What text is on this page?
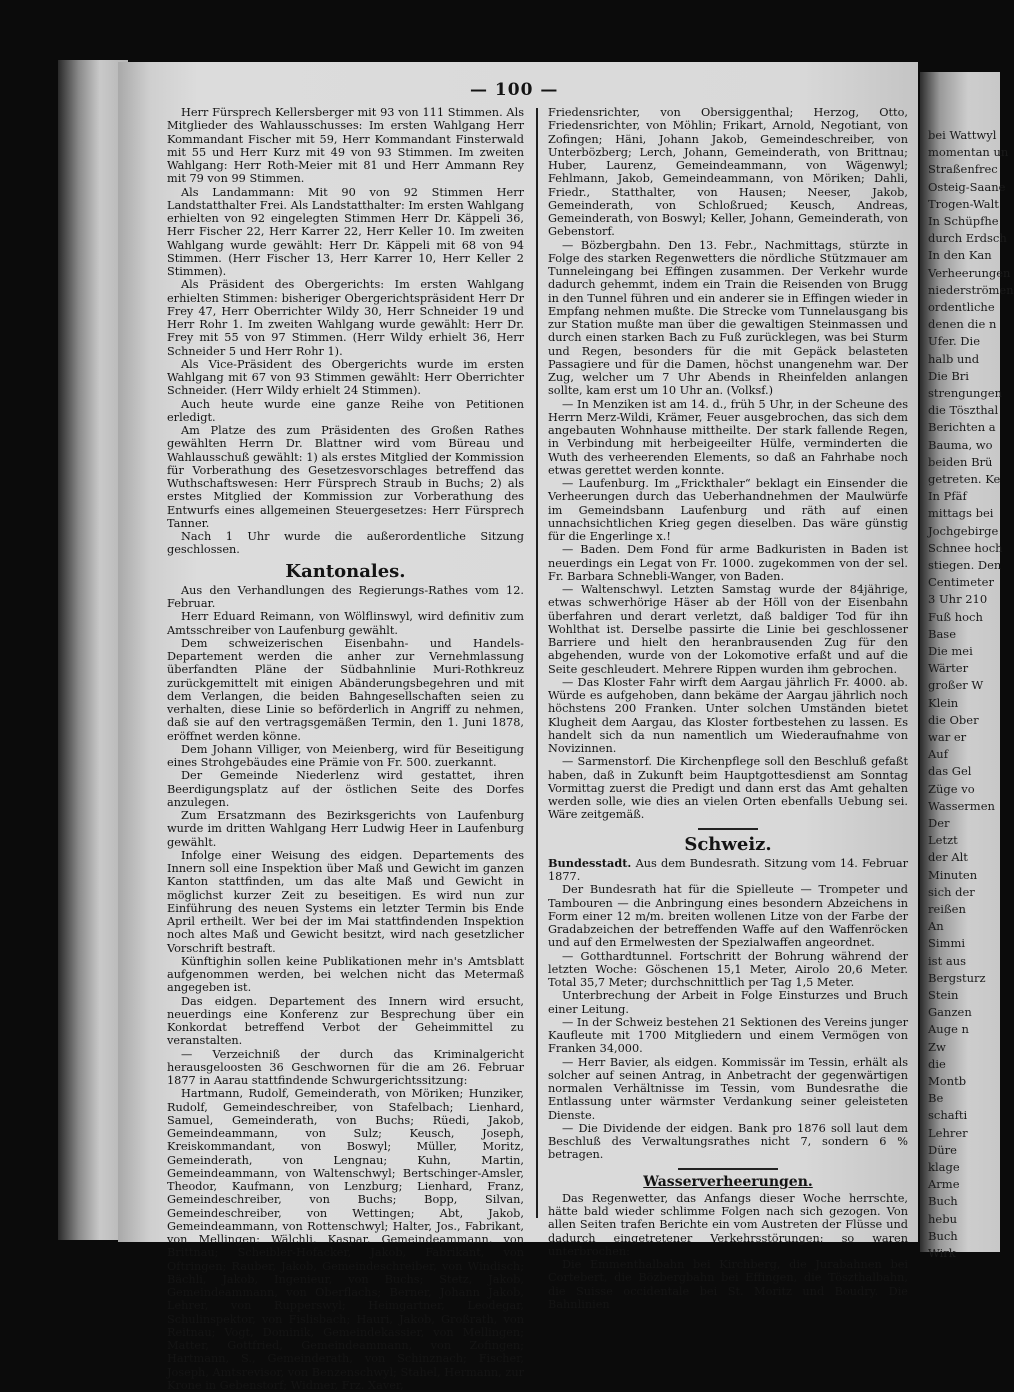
bei Wattwyl
momentan un
Straßenfrec
Osteig-Saane
Trogen-Walt
In Schüpfhe
durch Erdsch
In den Kan
Verheerungen
niederströmen
ordentliche
denen die n
Ufer. Die
halb und
Die Bri
strengungen
die Töszthal
Berichten a
Bauma, wo
beiden Brü
getreten. Ke
In Pfäf
mittags bei
Jochgebirge
Schnee hoch
stiegen. Den
Centimeter
3 Uhr 210
Fuß hoch
Base
Die mei
Wärter
großer W
Klein
die Ober
war er
Auf
das Gel
Züge vo
Wassermen
Der
Letzt
der Alt
Minuten
sich der
reißen
An
Simmi
ist aus
Bergsturz
Stein
Ganzen
Auge n
Zw
die
Montb
Be
schafti
Lehrer
Düre
klage
Arme
Buch
hebu
Buch
Wirk
— 100 —

Herr Fürsprech Kellersberger mit 93 von 111 Stimmen. Als Mitglieder des Wahlausschusses: Im ersten Wahlgang Herr Kommandant Fischer mit 59, Herr Kommandant Finsterwald mit 55 und Herr Kurz mit 49 von 93 Stimmen. Im zweiten Wahlgang: Herr Roth-Meier mit 81 und Herr Ammann Rey mit 79 von 99 Stimmen.

Als Landammann: Mit 90 von 92 Stimmen Herr Landstatthalter Frei. Als Landstatthalter: Im ersten Wahlgang erhielten von 92 eingelegten Stimmen Herr Dr. Käppeli 36, Herr Fischer 22, Herr Karrer 22, Herr Keller 10. Im zweiten Wahlgang wurde gewählt: Herr Dr. Käppeli mit 68 von 94 Stimmen. (Herr Fischer 13, Herr Karrer 10, Herr Keller 2 Stimmen).

Als Präsident des Obergerichts: Im ersten Wahlgang erhielten Stimmen: bisheriger Obergerichtspräsident Herr Dr Frey 47, Herr Oberrichter Wildy 30, Herr Schneider 19 und Herr Rohr 1. Im zweiten Wahlgang wurde gewählt: Herr Dr. Frey mit 55 von 97 Stimmen. (Herr Wildy erhielt 36, Herr Schneider 5 und Herr Rohr 1).

Als Vice-Präsident des Obergerichts wurde im ersten Wahlgang mit 67 von 93 Stimmen gewählt: Herr Oberrichter Schneider. (Herr Wildy erhielt 24 Stimmen).

Auch heute wurde eine ganze Reihe von Petitionen erledigt.

Am Platze des zum Präsidenten des Großen Rathes gewählten Herrn Dr. Blattner wird vom Büreau und Wahlausschuß gewählt: 1) als erstes Mitglied der Kommission für Vorberathung des Gesetzesvorschlages betreffend das Wuthschaftswesen: Herr Fürsprech Straub in Buchs; 2) als erstes Mitglied der Kommission zur Vorberathung des Entwurfs eines allgemeinen Steuergesetzes: Herr Fürsprech Tanner.

Nach 1 Uhr wurde die außerordentliche Sitzung geschlossen.

Kantonales.

Aus den Verhandlungen des Regierungs-Rathes vom 12. Februar.

Herr Eduard Reimann, von Wölflinswyl, wird definitiv zum Amtsschreiber von Laufenburg gewählt.

Dem schweizerischen Eisenbahn- und Handels-Departement werden die anher zur Vernehmlassung überfandten Pläne der Südbahnlinie Muri-Rothkreuz zurückgemittelt mit einigen Abänderungsbegehren und mit dem Verlangen, die beiden Bahngesellschaften seien zu verhalten, diese Linie so beförderlich in Angriff zu nehmen, daß sie auf den vertragsgemäßen Termin, den 1. Juni 1878, eröffnet werden könne.

Dem Johann Villiger, von Meienberg, wird für Beseitigung eines Strohgebäudes eine Prämie von Fr. 500. zuerkannt.

Der Gemeinde Niederlenz wird gestattet, ihren Beerdigungsplatz auf der östlichen Seite des Dorfes anzulegen.

Zum Ersatzmann des Bezirksgerichts von Laufenburg wurde im dritten Wahlgang Herr Ludwig Heer in Laufenburg gewählt.

Infolge einer Weisung des eidgen. Departements des Innern soll eine Inspektion über Maß und Gewicht im ganzen Kanton stattfinden, um das alte Maß und Gewicht in möglichst kurzer Zeit zu beseitigen. Es wird nun zur Einführung des neuen Systems ein letzter Termin bis Ende April ertheilt. Wer bei der im Mai stattfindenden Inspektion noch altes Maß und Gewicht besitzt, wird nach gesetzlicher Vorschrift bestraft.

Künftighin sollen keine Publikationen mehr in's Amtsblatt aufgenommen werden, bei welchen nicht das Metermaß angegeben ist.

Das eidgen. Departement des Innern wird ersucht, neuerdings eine Konferenz zur Besprechung über ein Konkordat betreffend Verbot der Geheimmittel zu veranstalten.

— Verzeichniß der durch das Kriminalgericht herausgeloosten 36 Geschwornen für die am 26. Februar 1877 in Aarau stattfindende Schwurgerichtssitzung:

Hartmann, Rudolf, Gemeinderath, von Möriken; Hunziker, Rudolf, Gemeindeschreiber, von Stafelbach; Lienhard, Samuel, Gemeinderath, von Buchs; Rüedi, Jakob, Gemeindeammann, von Sulz; Keusch, Joseph, Kreiskommandant, von Boswyl; Müller, Moritz, Gemeinderath, von Lengnau; Kuhn, Martin, Gemeindeammann, von Waltenschwyl; Bertschinger-Amsler, Theodor, Kaufmann, von Lenzburg; Lienhard, Franz, Gemeindeschreiber, von Buchs; Bopp, Silvan, Gemeindeschreiber, von Wettingen; Abt, Jakob, Gemeindeammann, von Rottenschwyl; Halter, Jos., Fabrikant, von Mellingen; Wälchli, Kaspar, Gemeindeammann, von Brittnau; Scheibler-Hofacker, Jakob, Fabrikant, von Oftringen; Rauber, Jakob, Gemeindeschreiber, von Windisch; Bächli, Jakob, Ingenieur, von Buchs; Stetz, Jakob, Gemeindeammann, von Oberflachs; Berner, Johann Jakob, Lehrer, von Rupperswyl; Heimgartner, Leodegar, Schulinspektor, von Fislisbach; Hauri, Jakob, Großrath, von Reitnau; Vogt, Dominik, Gemeindekassier, von Mellingen; Matter, Gottfried, Gemeindeammann, von Zofingen; Hartmann, S., Gemeinderath, von Schinznach; Fischer, Joseph, Amtsrevisor, von Benzenschwyl; Stahel, Hermann, zur Krone in Gebenstorf; Widmer, Frz. Xaver,

Friedensrichter, von Obersiggenthal; Herzog, Otto, Friedensrichter, von Möhlin; Frikart, Arnold, Negotiant, von Zofingen; Häni, Johann Jakob, Gemeindeschreiber, von Unterbözberg; Lerch, Johann, Gemeinderath, von Brittnau; Huber, Laurenz, Gemeindeammann, von Wägenwyl; Fehlmann, Jakob, Gemeindeammann, von Möriken; Dahli, Friedr., Statthalter, von Hausen; Neeser, Jakob, Gemeinderath, von Schloßrued; Keusch, Andreas, Gemeinderath, von Boswyl; Keller, Johann, Gemeinderath, von Gebenstorf.

— Bözbergbahn. Den 13. Febr., Nachmittags, stürzte in Folge des starken Regenwetters die nördliche Stützmauer am Tunneleingang bei Effingen zusammen. Der Verkehr wurde dadurch gehemmt, indem ein Train die Reisenden von Brugg in den Tunnel führen und ein anderer sie in Effingen wieder in Empfang nehmen mußte. Die Strecke vom Tunnelausgang bis zur Station mußte man über die gewaltigen Steinmassen und durch einen starken Bach zu Fuß zurücklegen, was bei Sturm und Regen, besonders für die mit Gepäck belasteten Passagiere und für die Damen, höchst unangenehm war. Der Zug, welcher um 7 Uhr Abends in Rheinfelden anlangen sollte, kam erst um 10 Uhr an. (Volksf.)

— In Menziken ist am 14. d., früh 5 Uhr, in der Scheune des Herrn Merz-Wildi, Krämer, Feuer ausgebrochen, das sich dem angebauten Wohnhause mittheilte. Der stark fallende Regen, in Verbindung mit herbeigeeilter Hülfe, verminderten die Wuth des verheerenden Elements, so daß an Fahrhabe noch etwas gerettet werden konnte.

— Laufenburg. Im „Frickthaler“ beklagt ein Einsender die Verheerungen durch das Ueberhandnehmen der Maulwürfe im Gemeindsbann Laufenburg und räth auf einen unnachsichtlichen Krieg gegen dieselben. Das wäre günstig für die Engerlinge x.!

— Baden. Dem Fond für arme Badkuristen in Baden ist neuerdings ein Legat von Fr. 1000. zugekommen von der sel. Fr. Barbara Schnebli-Wanger, von Baden.

— Waltenschwyl. Letzten Samstag wurde der 84jährige, etwas schwerhörige Häser ab der Höll von der Eisenbahn überfahren und derart verletzt, daß baldiger Tod für ihn Wohlthat ist. Derselbe passirte die Linie bei geschlossener Barriere und hielt den heranbrausenden Zug für den abgehenden, wurde von der Lokomotive erfaßt und auf die Seite geschleudert. Mehrere Rippen wurden ihm gebrochen.

— Das Kloster Fahr wirft dem Aargau jährlich Fr. 4000. ab. Würde es aufgehoben, dann bekäme der Aargau jährlich noch höchstens 200 Franken. Unter solchen Umständen bietet Klugheit dem Aargau, das Kloster fortbestehen zu lassen. Es handelt sich da nun namentlich um Wiederaufnahme von Novizinnen.

— Sarmenstorf. Die Kirchenpflege soll den Beschluß gefaßt haben, daß in Zukunft beim Hauptgottesdienst am Sonntag Vormittag zuerst die Predigt und dann erst das Amt gehalten werden solle, wie dies an vielen Orten ebenfalls Uebung sei. Wäre zeitgemäß.

Schweiz.

Bundesstadt. Aus dem Bundesrath. Sitzung vom 14. Februar 1877.

Der Bundesrath hat für die Spielleute — Trompeter und Tambouren — die Anbringung eines besondern Abzeichens in Form einer 12 m/m. breiten wollenen Litze von der Farbe der Gradabzeichen der betreffenden Waffe auf den Waffenröcken und auf den Ermelwesten der Spezialwaffen angeordnet.

— Gotthardtunnel. Fortschritt der Bohrung während der letzten Woche: Göschenen 15,1 Meter, Airolo 20,6 Meter. Total 35,7 Meter; durchschnittlich per Tag 1,5 Meter.

Unterbrechung der Arbeit in Folge Einsturzes und Bruch einer Leitung.

— In der Schweiz bestehen 21 Sektionen des Vereins junger Kaufleute mit 1700 Mitgliedern und einem Vermögen von Franken 34,000.

— Herr Bavier, als eidgen. Kommissär im Tessin, erhält als solcher auf seinen Antrag, in Anbetracht der gegenwärtigen normalen Verhältnisse im Tessin, vom Bundesrathe die Entlassung unter wärmster Verdankung seiner geleisteten Dienste.

— Die Dividende der eidgen. Bank pro 1876 soll laut dem Beschluß des Verwaltungsrathes nicht 7, sondern 6 % betragen.

Wasserverheerungen.

Das Regenwetter, das Anfangs dieser Woche herrschte, hätte bald wieder schlimme Folgen nach sich gezogen. Von allen Seiten trafen Berichte ein vom Austreten der Flüsse und dadurch eingetretener Verkehrsstörungen; so waren unterbrochen:

Die Emmenthalbahn bei Kirchberg, die Jurabahnen bei Cortebert, die Bözbergbahn bei Effingen, die Töszthalbahn, die Suisse occidentale bei St. Moritz und Boudry. Die Bahnlinien
